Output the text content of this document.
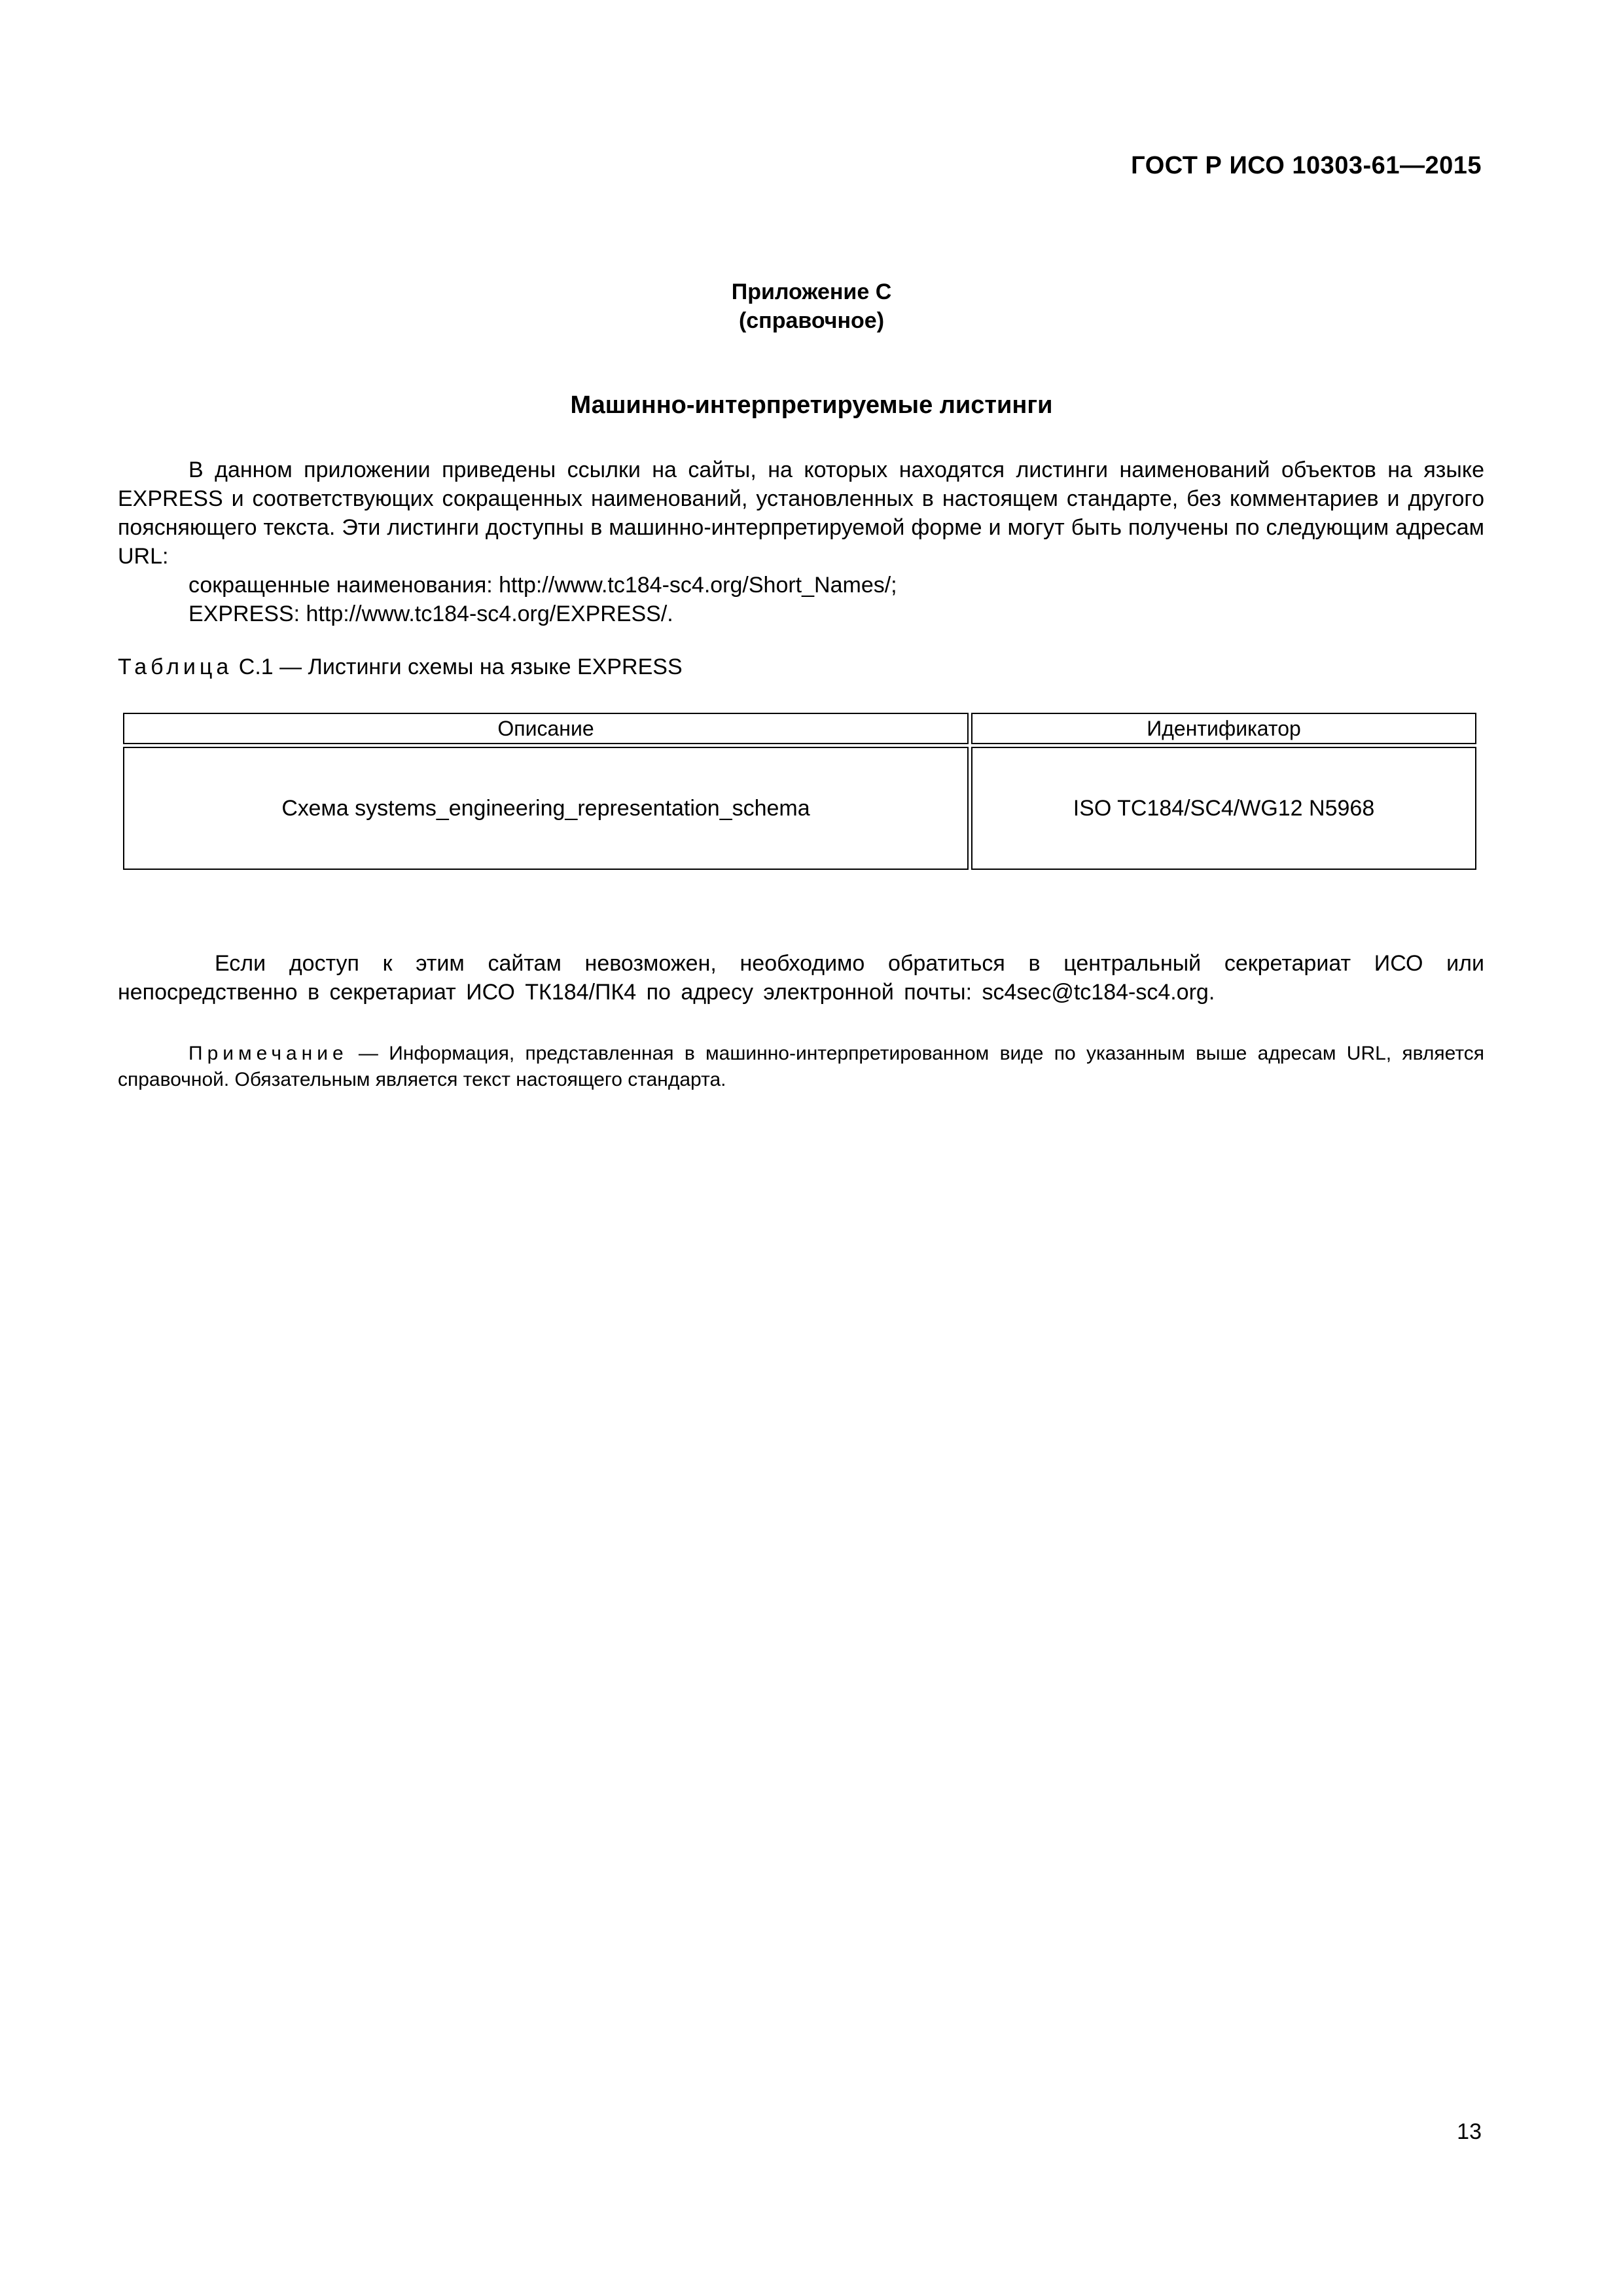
ГОСТ Р ИСО 10303-61—2015
Приложение С
(справочное)
Машинно-интерпретируемые листинги

В данном приложении приведены ссылки на сайты, на которых находятся листинги наименований объектов на языке EXPRESS и соответствующих сокращенных наименований, установленных в настоящем стандарте, без комментариев и другого поясняющего текста. Эти листинги доступны в машинно-интерпретируемой форме и могут быть получены по следующим адресам URL:

сокращенные наименования: http://www.tc184-sc4.org/Short_Names/;
EXPRESS: http://www.tc184-sc4.org/EXPRESS/.
Таблица С.1 — Листинги схемы на языке EXPRESS
Описание	Идентификатор
Схема systems_engineering_representation_schema	ISO TC184/SC4/WG12 N5968

Если доступ к этим сайтам невозможен, необходимо обратиться в центральный секретариат ИСО или непосредственно в секретариат ИСО ТК184/ПК4 по адресу электронной почты: sc4sec@tc184-sc4.org.

Примечание — Информация, представленная в машинно-интерпретированном виде по указанным выше адресам URL, является справочной. Обязательным является текст настоящего стандарта.

13
